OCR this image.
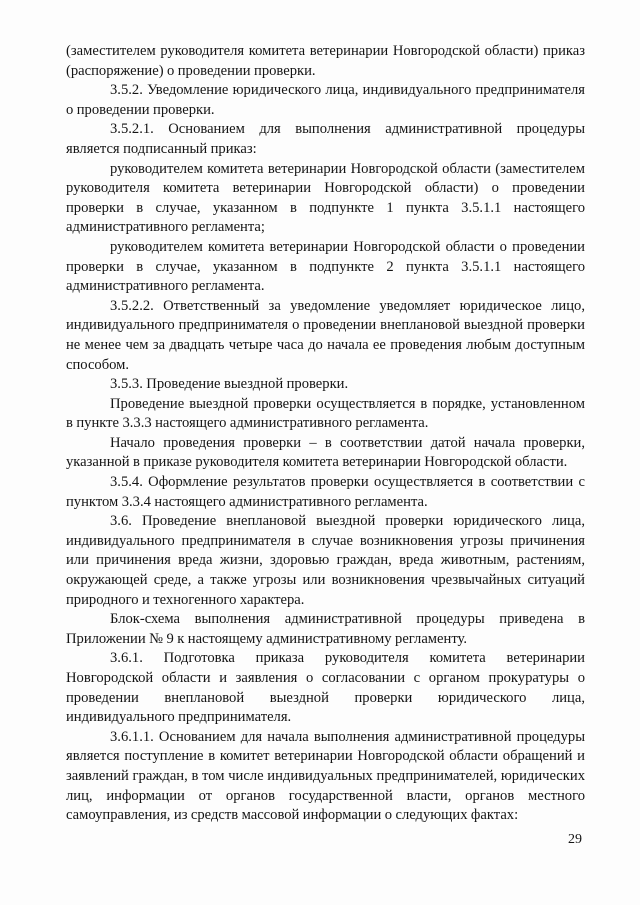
(заместителем руководителя комитета ветеринарии Новгородской области) приказ (распоряжение) о проведении проверки.

3.5.2. Уведомление юридического лица, индивидуального предпринимателя о проведении проверки.

3.5.2.1. Основанием для выполнения административной процедуры является подписанный приказ:

руководителем комитета ветеринарии Новгородской области (заместителем руководителя комитета ветеринарии Новгородской области) о проведении проверки в случае, указанном в подпункте 1 пункта 3.5.1.1 настоящего административного регламента;

руководителем комитета ветеринарии Новгородской области о проведении проверки в случае, указанном в подпункте 2 пункта 3.5.1.1 настоящего административного регламента.

3.5.2.2. Ответственный за уведомление уведомляет юридическое лицо, индивидуального предпринимателя о проведении внеплановой выездной проверки не менее чем за двадцать четыре часа до начала ее проведения любым доступным способом.

3.5.3. Проведение выездной проверки.

Проведение выездной проверки осуществляется в порядке, установленном в пункте 3.3.3 настоящего административного регламента.

Начало проведения проверки – в соответствии датой начала проверки, указанной в приказе руководителя комитета ветеринарии Новгородской области.

3.5.4. Оформление результатов проверки осуществляется в соответствии с пунктом 3.3.4 настоящего административного регламента.

3.6. Проведение внеплановой выездной проверки юридического лица, индивидуального предпринимателя в случае возникновения угрозы причинения или причинения вреда жизни, здоровью граждан, вреда животным, растениям, окружающей среде, а также угрозы или возникновения чрезвычайных ситуаций природного и техногенного характера.

Блок-схема выполнения административной процедуры приведена в Приложении № 9 к настоящему административному регламенту.

3.6.1. Подготовка приказа руководителя комитета ветеринарии Новгородской области и заявления о согласовании с органом прокуратуры о проведении внеплановой выездной проверки юридического лица, индивидуального предпринимателя.

3.6.1.1. Основанием для начала выполнения административной процедуры является поступление в комитет ветеринарии Новгородской области обращений и заявлений граждан, в том числе индивидуальных предпринимателей, юридических лиц, информации от органов государственной власти, органов местного самоуправления, из средств массовой информации о следующих фактах:

29
